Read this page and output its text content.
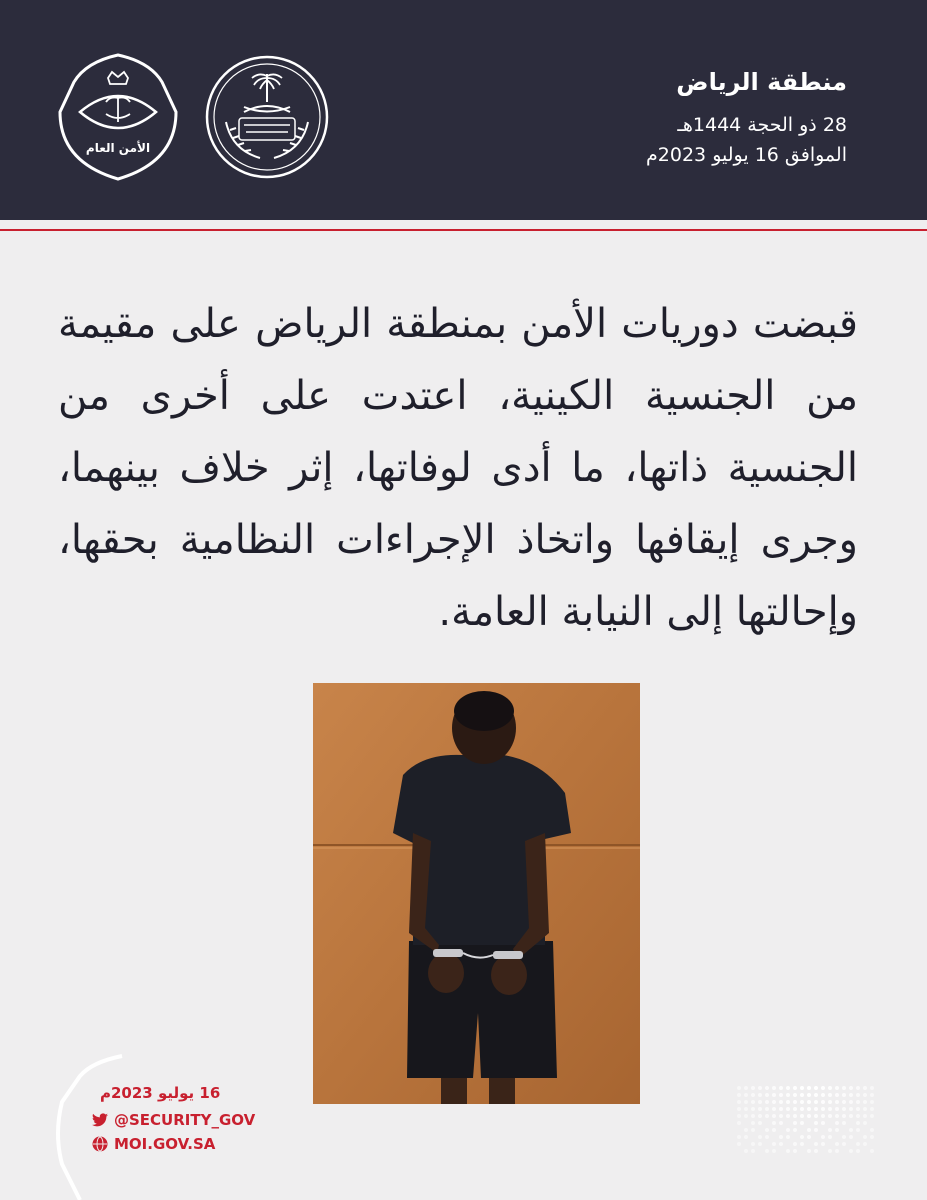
منطقة الرياض
28 ذو الحجة 1444هـ
الموافق 16 يوليو 2023م
الأمن العام
قبضت دوريات الأمن بمنطقة الرياض على مقيمة من الجنسية الكينية، اعتدت على أخرى من الجنسية ذاتها، ما أدى لوفاتها، إثر خلاف بينهما، وجرى إيقافها واتخاذ الإجراءات النظامية بحقها، وإحالتها إلى النيابة العامة.
16 يوليو 2023م
@SECURITY_GOV
MOI.GOV.SA
